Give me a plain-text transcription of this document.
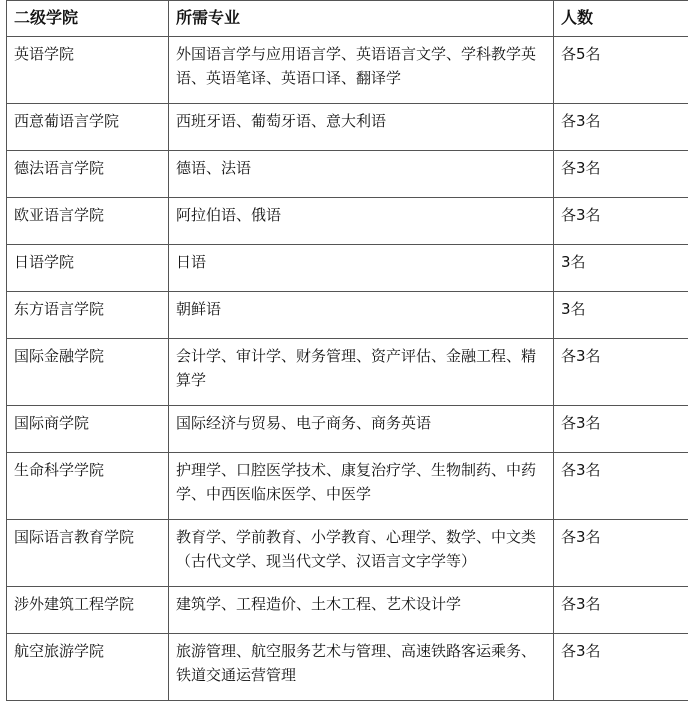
二级学院	所需专业	人数
英语学院	外国语言学与应用语言学、英语语言文学、学科教学英语、英语笔译、英语口译、翻译学	各5名
西意葡语言学院	西班牙语、葡萄牙语、意大利语	各3名
德法语言学院	德语、法语	各3名
欧亚语言学院	阿拉伯语、俄语	各3名
日语学院	日语	3名
东方语言学院	朝鲜语	3名
国际金融学院	会计学、审计学、财务管理、资产评估、金融工程、精算学	各3名
国际商学院	国际经济与贸易、电子商务、商务英语	各3名
生命科学学院	护理学、口腔医学技术、康复治疗学、生物制药、中药学、中西医临床医学、中医学	各3名
国际语言教育学院	教育学、学前教育、小学教育、心理学、数学、中文类（古代文学、现当代文学、汉语言文字学等）	各3名
涉外建筑工程学院	建筑学、工程造价、土木工程、艺术设计学	各3名
航空旅游学院	旅游管理、航空服务艺术与管理、高速铁路客运乘务、铁道交通运营管理	各3名
